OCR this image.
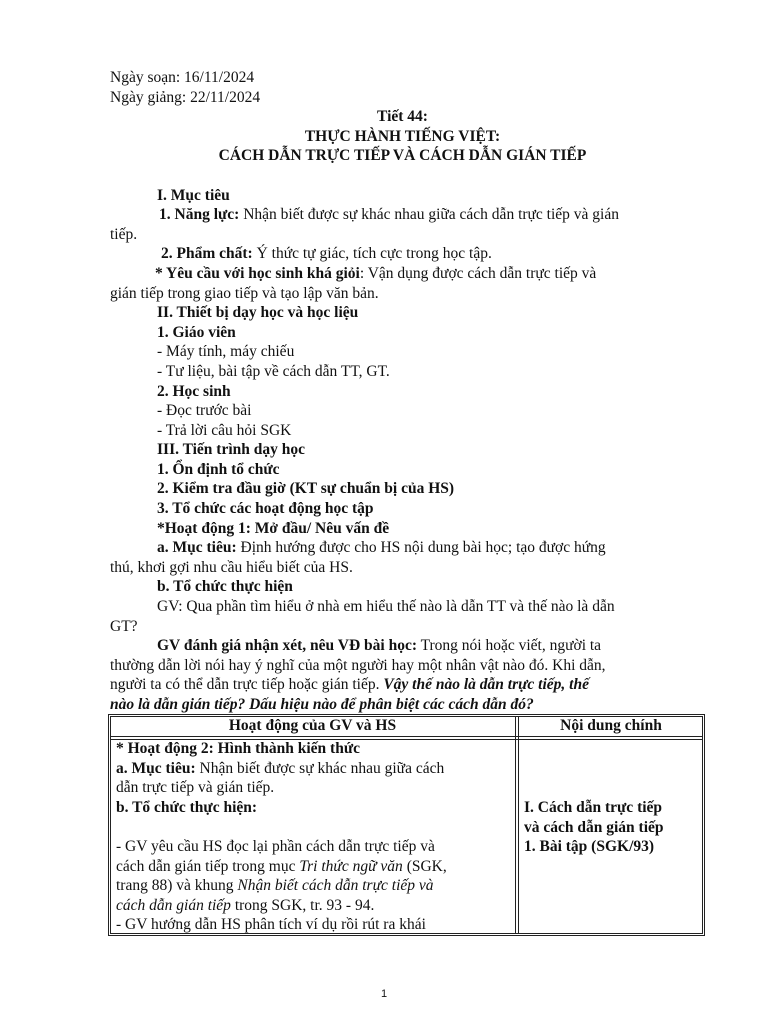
Ngày soạn: 16/11/2024
Ngày giảng: 22/11/2024
Tiết 44:
THỰC HÀNH TIẾNG VIỆT:
CÁCH DẪN TRỰC TIẾP VÀ CÁCH DẪN GIÁN TIẾP
I. Mục tiêu
1. Năng lực: Nhận biết được sự khác nhau giữa cách dẫn trực tiếp và gián
tiếp.
2. Phẩm chất: Ý thức tự giác, tích cực trong học tập.
* Yêu cầu với học sinh khá giỏi: Vận dụng được cách dẫn trực tiếp và
gián tiếp trong giao tiếp và tạo lập văn bản.
II. Thiết bị dạy học và học liệu
1. Giáo viên
- Máy tính, máy chiếu
- Tư liệu, bài tập về cách dẫn TT, GT.
2. Học sinh
- Đọc trước bài
- Trả lời câu hỏi SGK
III. Tiến trình dạy học
1. Ổn định tổ chức
2. Kiểm tra đầu giờ (KT sự chuẩn bị của HS)
3. Tổ chức các hoạt động học tập
*Hoạt động 1: Mở đầu/ Nêu vấn đề
a. Mục tiêu: Định hướng được cho HS nội dung bài học; tạo được hứng
thú, khơi gợi nhu cầu hiểu biết của HS.
b. Tổ chức thực hiện
GV: Qua phần tìm hiểu ở nhà em hiểu thế nào là dẫn TT và thế nào là dẫn
GT?
GV đánh giá nhận xét, nêu VĐ bài học: Trong nói hoặc viết, người ta
thường dẫn lời nói hay ý nghĩ của một người hay một nhân vật nào đó. Khi dẫn,
người ta có thể dẫn trực tiếp hoặc gián tiếp. Vậy thế nào là dẫn trực tiếp, thế
nào là dẫn gián tiếp? Dấu hiệu nào để phân biệt các cách dẫn đó?
Hoạt động của GV và HS	Nội dung chính
* Hoạt động 2: Hình thành kiến thức
a. Mục tiêu: Nhận biết được sự khác nhau giữa cách
dẫn trực tiếp và gián tiếp.
b. Tổ chức thực hiện:
- GV yêu cầu HS đọc lại phần cách dẫn trực tiếp và
cách dẫn gián tiếp trong mục Tri thức ngữ văn (SGK,
trang 88) và khung Nhận biết cách dẫn trực tiếp và
cách dẫn gián tiếp trong SGK, tr. 93 - 94.
- GV hướng dẫn HS phân tích ví dụ rồi rút ra khái
I. Cách dẫn trực tiếp
và cách dẫn gián tiếp
1. Bài tập (SGK/93)
1
